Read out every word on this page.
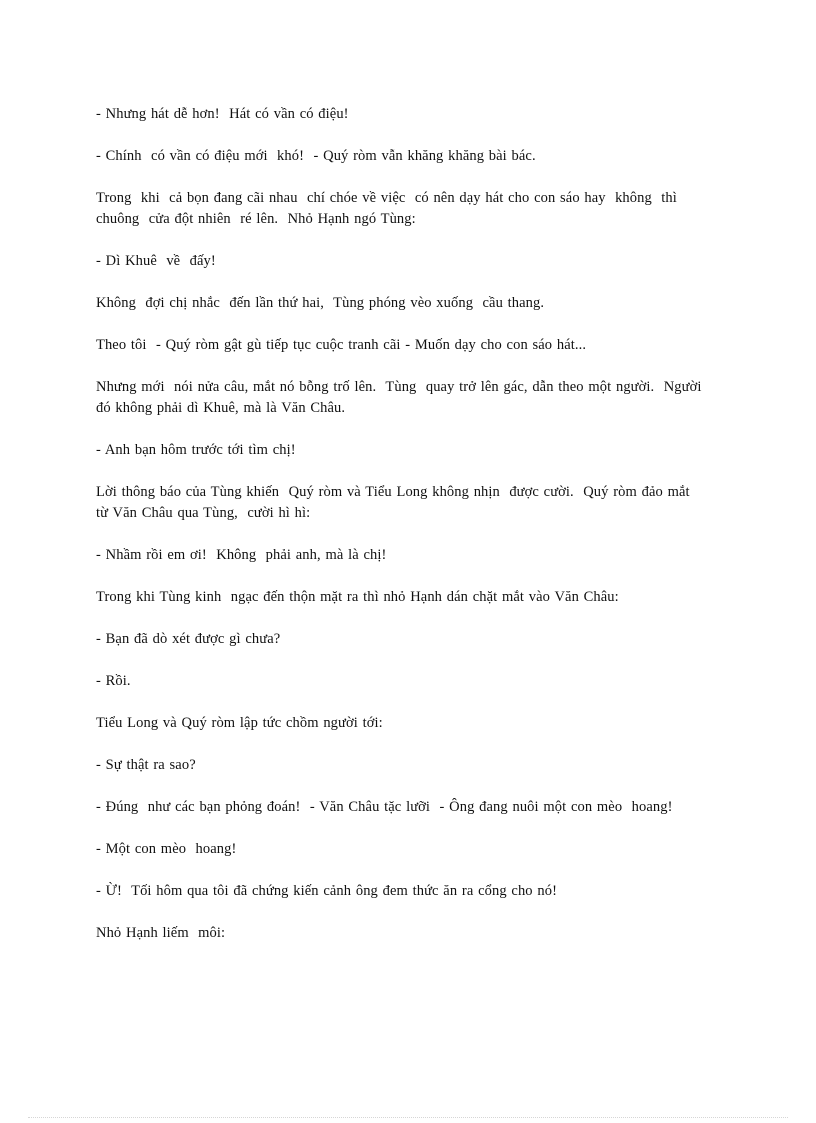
- Nhưng hát dễ hơn!  Hát có vần có điệu!

- Chính  có vần có điệu mới  khó!  - Quý ròm vẫn khăng khăng bài bác.

Trong  khi  cả bọn đang cãi nhau  chí chóe về việc  có nên dạy hát cho con sáo hay  không  thì
chuông  cửa đột nhiên  ré lên.  Nhỏ Hạnh ngó Tùng:

- Dì Khuê  về  đấy!

Không  đợi chị nhắc  đến lần thứ hai,  Tùng phóng vèo xuống  cầu thang.

Theo tôi  - Quý ròm gật gù tiếp tục cuộc tranh cãi - Muốn dạy cho con sáo hát...

Nhưng mới  nói nửa câu, mắt nó bỗng trố lên.  Tùng  quay trở lên gác, dẫn theo một người.  Người
đó không phải dì Khuê, mà là Văn Châu.

- Anh bạn hôm trước tới tìm chị!

Lời thông báo của Tùng khiến  Quý ròm và Tiểu Long không nhịn  được cười.  Quý ròm đảo mắt
từ Văn Châu qua Tùng,  cười hì hì:

- Nhầm rồi em ơi!  Không  phải anh, mà là chị!

Trong khi Tùng kinh  ngạc đến thộn mặt ra thì nhỏ Hạnh dán chặt mắt vào Văn Châu:

- Bạn đã dò xét được gì chưa?

- Rồi.

Tiểu Long và Quý ròm lập tức chồm người tới:

- Sự thật ra sao?

- Đúng  như các bạn phỏng đoán!  - Văn Châu tặc lưỡi  - Ông đang nuôi một con mèo  hoang!

- Một con mèo  hoang!

- Ừ!  Tối hôm qua tôi đã chứng kiến cảnh ông đem thức ăn ra cổng cho nó!

Nhỏ Hạnh liếm  môi:
